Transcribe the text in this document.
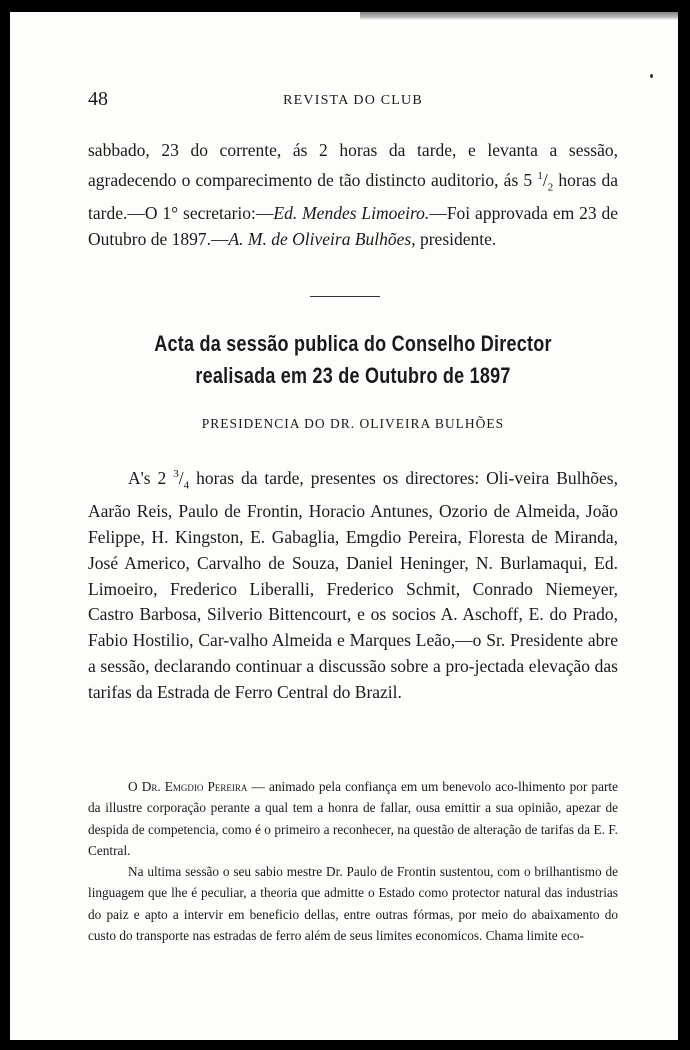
48	REVISTA DO CLUB

sabbado, 23 do corrente, ás 2 horas da tarde, e levanta a sessão, agradecendo o comparecimento de tão distincto auditorio, ás 5 $^1/_2$ horas da tarde.—O 1° secretario:—Ed. Mendes Limoeiro.—Foi approvada em 23 de Outubro de 1897.—A. M. de Oliveira Bulhões, presidente.

Acta da sessão publica do Conselho Director realisada em 23 de Outubro de 1897
PRESIDENCIA DO DR. OLIVEIRA BULHÕES

A's 2 $^3/_4$ horas da tarde, presentes os directores: Oli-veira Bulhões, Aarão Reis, Paulo de Frontin, Horacio Antunes, Ozorio de Almeida, João Felippe, H. Kingston, E. Gabaglia, Emgdio Pereira, Floresta de Miranda, José Americo, Carvalho de Souza, Daniel Heninger, N. Burlamaqui, Ed. Limoeiro, Frederico Liberalli, Frederico Schmit, Conrado Niemeyer, Castro Barbosa, Silverio Bittencourt, e os socios A. Aschoff, E. do Prado, Fabio Hostilio, Car-valho Almeida e Marques Leão,—o Sr. Presidente abre a sessão, declarando continuar a discussão sobre a pro-jectada elevação das tarifas da Estrada de Ferro Central do Brazil.

O Dr. Emgdio Pereira — animado pela confiança em um benevolo aco-lhimento por parte da illustre corporação perante a qual tem a honra de fallar, ousa emittir a sua opinião, apezar de despida de competencia, como é o primeiro a reconhecer, na questão de alteração de tarifas da E. F. Central.

Na ultima sessão o seu sabio mestre Dr. Paulo de Frontin sustentou, com o brilhantismo de linguagem que lhe é peculiar, a theoria que admitte o Estado como protector natural das industrias do paiz e apto a intervir em beneficio dellas, entre outras fórmas, por meio do abaixamento do custo do transporte nas estradas de ferro além de seus limites economicos. Chama limite eco-
